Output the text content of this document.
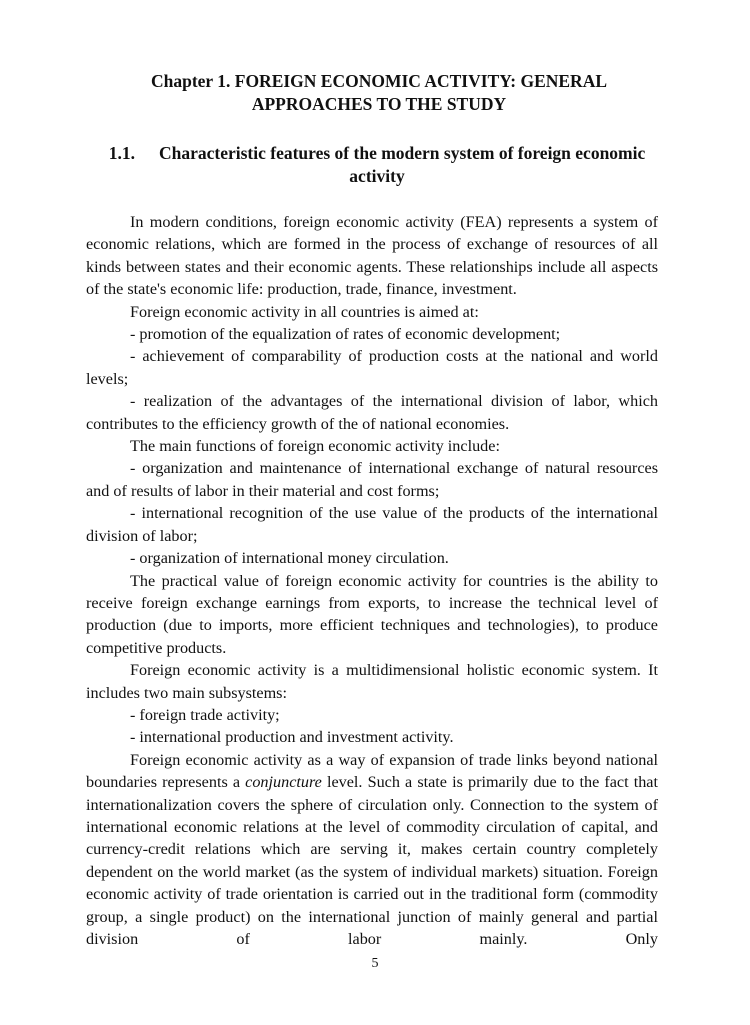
Chapter 1. FOREIGN ECONOMIC ACTIVITY: GENERAL
APPROACHES TO THE STUDY
1.1. Characteristic features of the modern system of foreign economic
activity

In modern conditions, foreign economic activity (FEA) represents a system of economic relations, which are formed in the process of exchange of resources of all kinds between states and their economic agents. These relationships include all aspects of the state's economic life: production, trade, finance, investment.

Foreign economic activity in all countries is aimed at:

- promotion of the equalization of rates of economic development;

- achievement of comparability of production costs at the national and world levels;

- realization of the advantages of the international division of labor, which contributes to the efficiency growth of the of national economies.

The main functions of foreign economic activity include:

- organization and maintenance of international exchange of natural resources and of results of labor in their material and cost forms;

- international recognition of the use value of the products of the international division of labor;

- organization of international money circulation.

The practical value of foreign economic activity for countries is the ability to receive foreign exchange earnings from exports, to increase the technical level of production (due to imports, more efficient techniques and technologies), to produce competitive products.

Foreign economic activity is a multidimensional holistic economic system. It includes two main subsystems:

- foreign trade activity;

- international production and investment activity.

Foreign economic activity as a way of expansion of trade links beyond national boundaries represents a conjuncture level. Such a state is primarily due to the fact that internationalization covers the sphere of circulation only. Connection to the system of international economic relations at the level of commodity circulation of capital, and currency-credit relations which are serving it, makes certain country completely dependent on the world market (as the system of individual markets) situation. Foreign economic activity of trade orientation is carried out in the traditional form (commodity group, a single product) on the international junction of mainly general and partial division of labor mainly. Only

5
